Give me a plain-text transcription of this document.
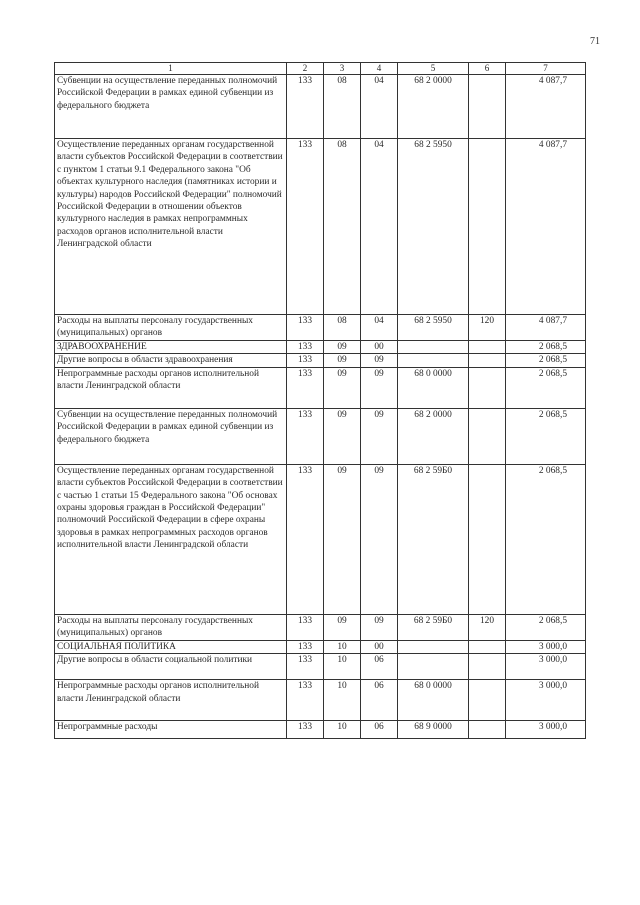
71
1	2	3	4	5	6	7
Субвенции на осуществление переданных полномочий Российской Федерации в рамках единой субвенции из федерального бюджета	133	08	04	68 2 0000		4 087,7
Осуществление переданных органам государственной власти субъектов Российской Федерации в соответствии с пунктом 1 статьи 9.1 Федерального закона "Об объектах культурного наследия (памятниках истории и культуры) народов Российской Федерации" полномочий Российской Федерации в отношении объектов культурного наследия в рамках непрограммных расходов органов исполнительной власти Ленинградской области	133	08	04	68 2 5950		4 087,7
Расходы на выплаты персоналу государственных (муниципальных) органов	133	08	04	68 2 5950	120	4 087,7
ЗДРАВООХРАНЕНИЕ	133	09	00			2 068,5
Другие вопросы в области здравоохранения	133	09	09			2 068,5
Непрограммные расходы органов исполнительной власти Ленинградской области	133	09	09	68 0 0000		2 068,5
Субвенции на осуществление переданных полномочий Российской Федерации в рамках единой субвенции из федерального бюджета	133	09	09	68 2 0000		2 068,5
Осуществление переданных органам государственной власти субъектов Российской Федерации в соответствии с частью 1 статьи 15 Федерального закона "Об основах охраны здоровья граждан в Российской Федерации" полномочий Российской Федерации в сфере охраны здоровья в рамках непрограммных расходов органов исполнительной власти Ленинградской области	133	09	09	68 2 59Б0		2 068,5
Расходы на выплаты персоналу государственных (муниципальных) органов	133	09	09	68 2 59Б0	120	2 068,5
СОЦИАЛЬНАЯ ПОЛИТИКА	133	10	00			3 000,0
Другие вопросы в области социальной политики	133	10	06			3 000,0
Непрограммные расходы органов исполнительной власти Ленинградской области	133	10	06	68 0 0000		3 000,0
Непрограммные расходы	133	10	06	68 9 0000		3 000,0
